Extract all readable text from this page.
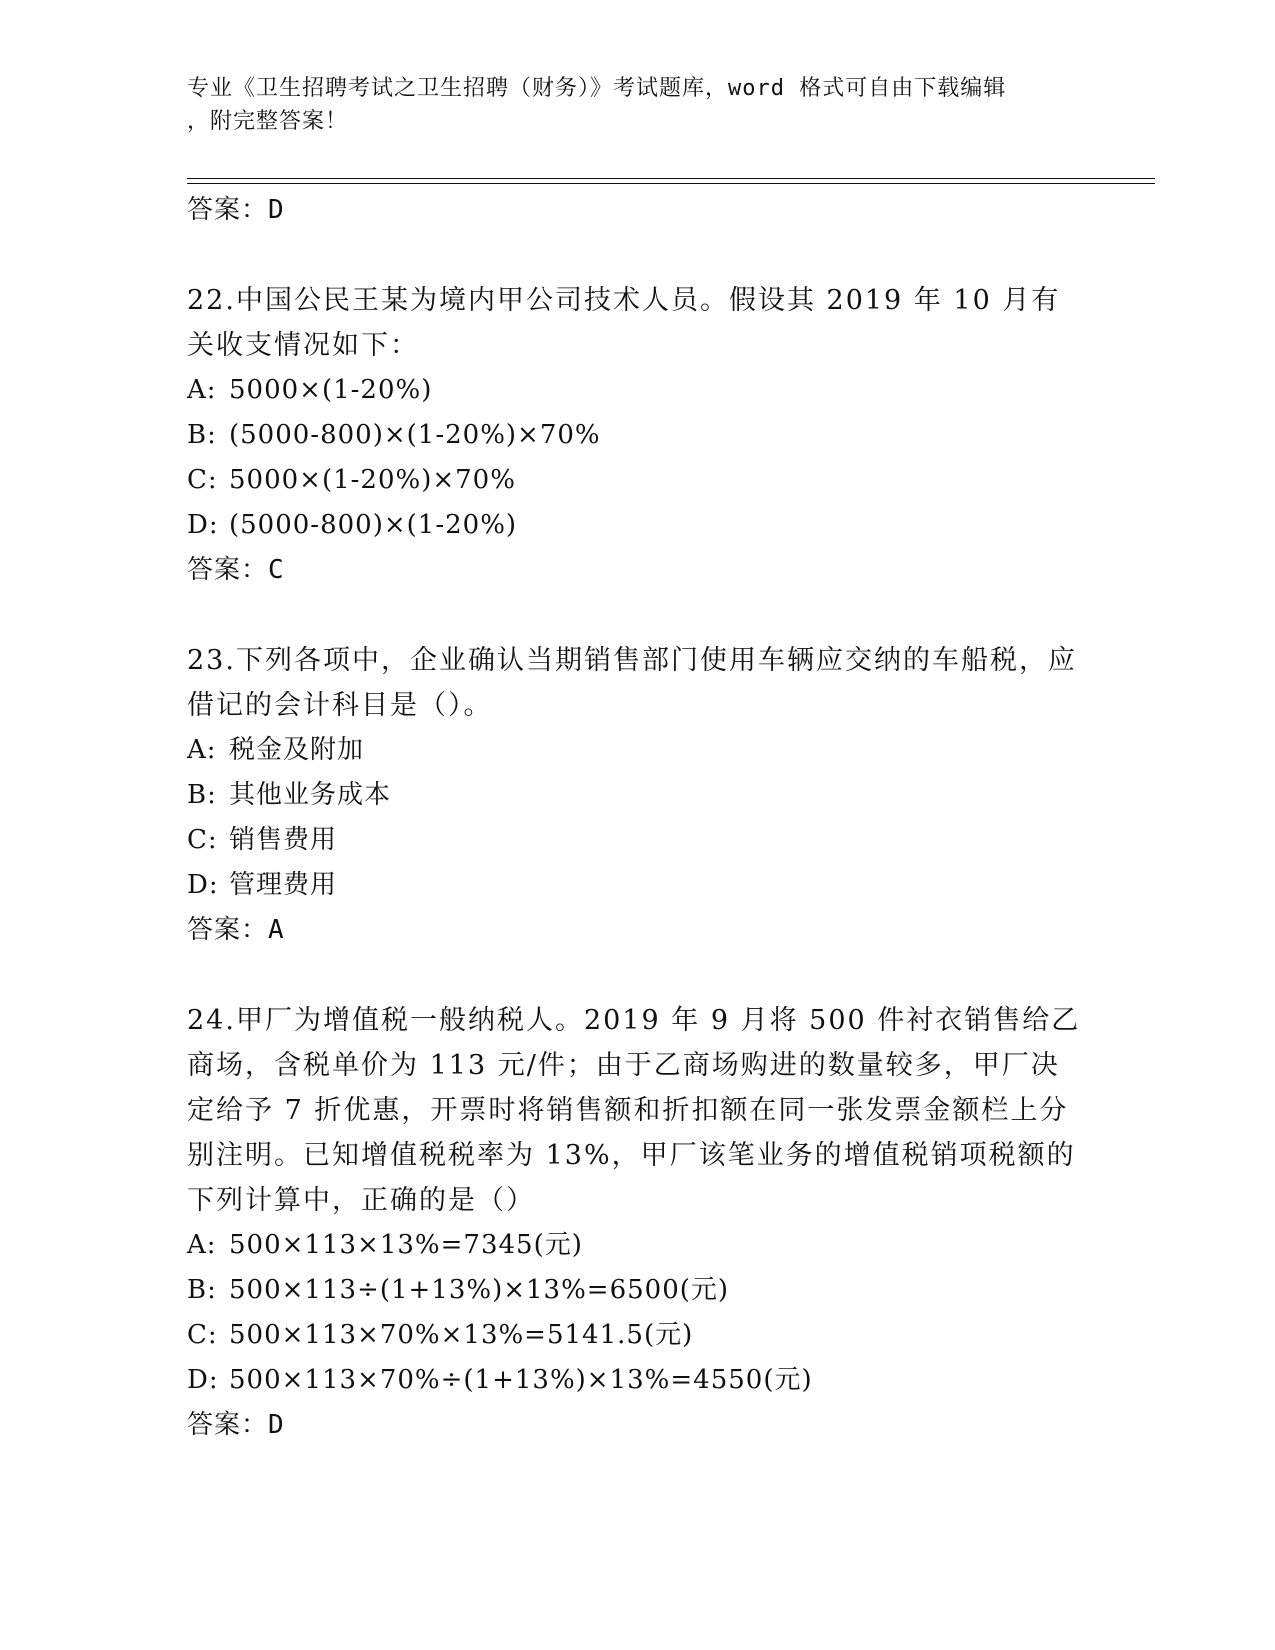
专业《卫生招聘考试之卫生招聘（财务）》考试题库，word 格式可自由下载编辑
，附完整答案！
答案：D
22.中国公民王某为境内甲公司技术人员。假设其 2019 年 10 月有关收支情况如下：
A: 5000×(1-20%)
B: (5000-800)×(1-20%)×70%
C: 5000×(1-20%)×70%
D: (5000-800)×(1-20%)
答案：C
23.下列各项中，企业确认当期销售部门使用车辆应交纳的车船税，应借记的会计科目是（）。
A: 税金及附加
B: 其他业务成本
C: 销售费用
D: 管理费用
答案：A
24.甲厂为增值税一般纳税人。2019 年 9 月将 500 件衬衣销售给乙商场，含税单价为 113 元/件；由于乙商场购进的数量较多，甲厂决定给予 7 折优惠，开票时将销售额和折扣额在同一张发票金额栏上分别注明。已知增值税税率为 13%，甲厂该笔业务的增值税销项税额的下列计算中，正确的是（）
A: 500×113×13%=7345(元)
B: 500×113÷(1+13%)×13%=6500(元)
C: 500×113×70%×13%=5141.5(元)
D: 500×113×70%÷(1+13%)×13%=4550(元)
答案：D
